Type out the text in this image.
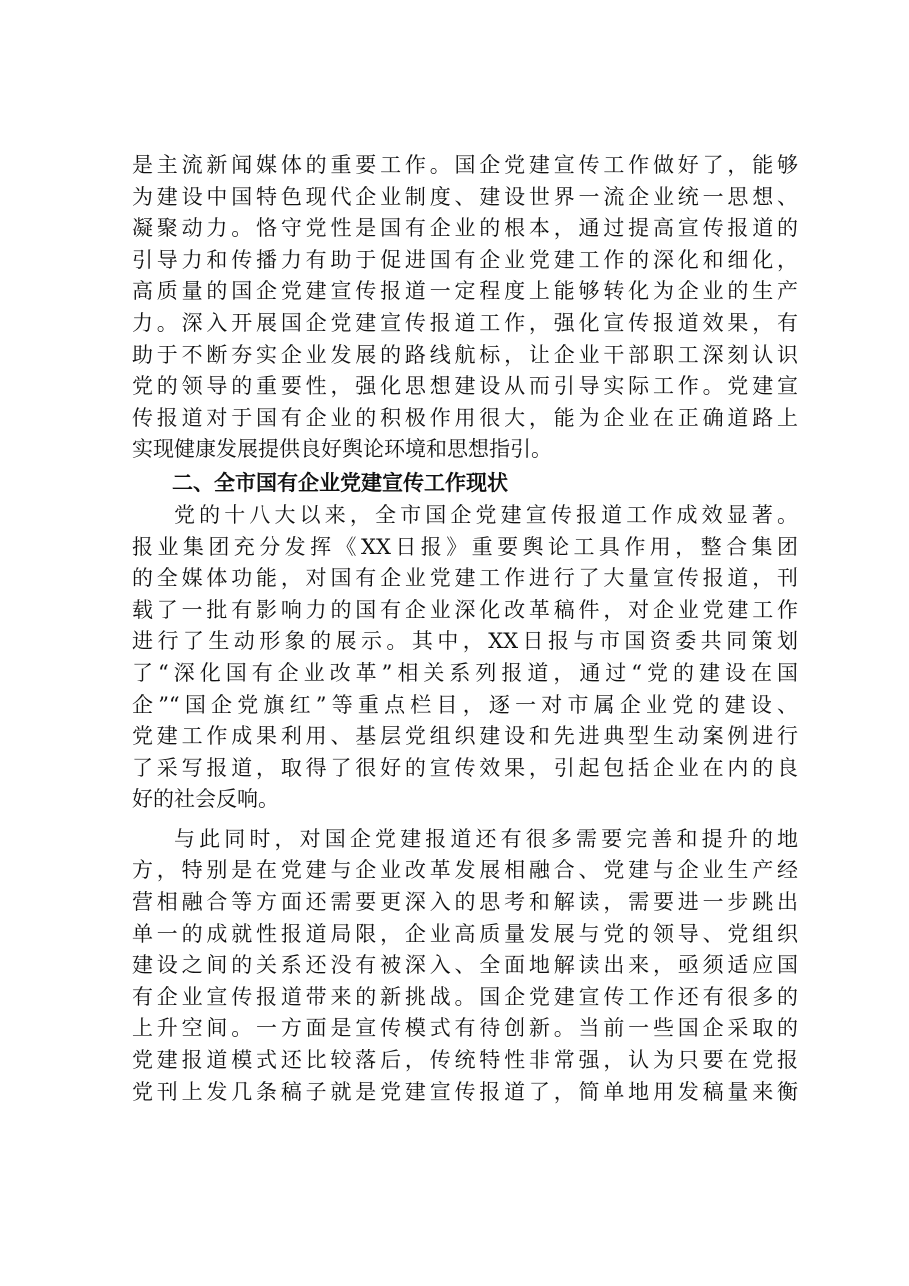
是主流新闻媒体的重要工作。国企党建宣传工作做好了，能够
为建设中国特色现代企业制度、建设世界一流企业统一思想、
凝聚动力。恪守党性是国有企业的根本，通过提高宣传报道的
引导力和传播力有助于促进国有企业党建工作的深化和细化，
高质量的国企党建宣传报道一定程度上能够转化为企业的生产
力。深入开展国企党建宣传报道工作，强化宣传报道效果，有
助于不断夯实企业发展的路线航标，让企业干部职工深刻认识
党的领导的重要性，强化思想建设从而引导实际工作。党建宣
传报道对于国有企业的积极作用很大，能为企业在正确道路上
实现健康发展提供良好舆论环境和思想指引。
二、全市国有企业党建宣传工作现状
党的十八大以来，全市国企党建宣传报道工作成效显著。
报业集团充分发挥《XX日报》重要舆论工具作用，整合集团
的全媒体功能，对国有企业党建工作进行了大量宣传报道，刊
载了一批有影响力的国有企业深化改革稿件，对企业党建工作
进行了生动形象的展示。其中，XX日报与市国资委共同策划
了“深化国有企业改革”相关系列报道，通过“党的建设在国
企”“国企党旗红”等重点栏目，逐一对市属企业党的建设、
党建工作成果利用、基层党组织建设和先进典型生动案例进行
了采写报道，取得了很好的宣传效果，引起包括企业在内的良
好的社会反响。
与此同时，对国企党建报道还有很多需要完善和提升的地
方，特别是在党建与企业改革发展相融合、党建与企业生产经
营相融合等方面还需要更深入的思考和解读，需要进一步跳出
单一的成就性报道局限，企业高质量发展与党的领导、党组织
建设之间的关系还没有被深入、全面地解读出来，亟须适应国
有企业宣传报道带来的新挑战。国企党建宣传工作还有很多的
上升空间。一方面是宣传模式有待创新。当前一些国企采取的
党建报道模式还比较落后，传统特性非常强，认为只要在党报
党刊上发几条稿子就是党建宣传报道了，简单地用发稿量来衡
